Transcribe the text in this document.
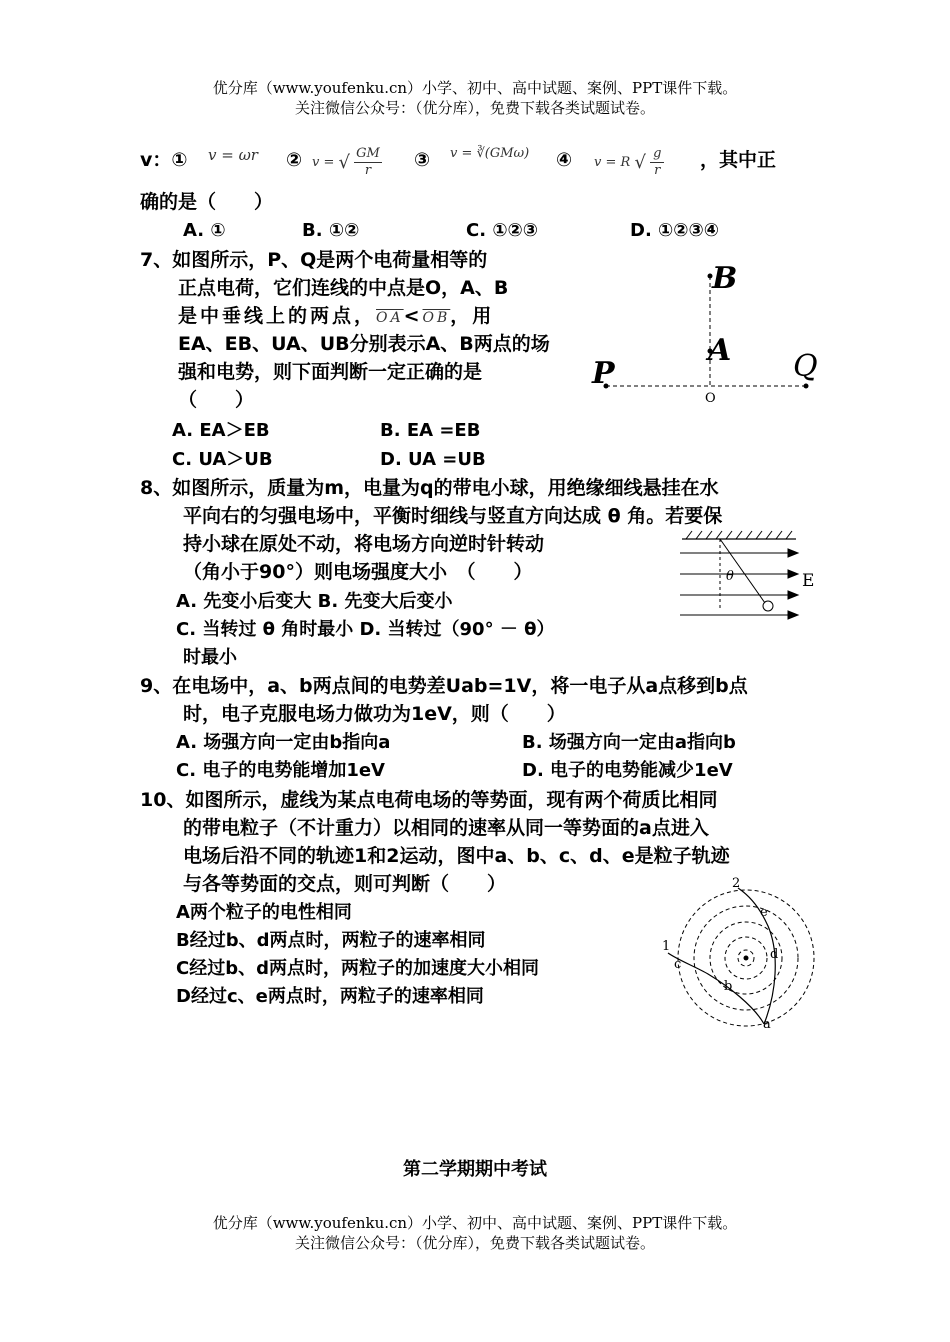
优分库（www.youfenku.cn）小学、初中、高中试题、案例、PPT课件下载。
关注微信公众号：（优分库），免费下载各类试题试卷。
v：① v = ωr ② v = √ $\frac{GM}{r}$ ③ v = ∛(GMω) ④ v = R √ $\frac{g}{r}$ ，其中正
确的是（　　）
A. ①	B. ①②	C. ①②③	D. ①②③④
7、如图所示，P、Q是两个电荷量相等的
正点电荷，它们连线的中点是O，A、B
是中垂线上的两点，$\overline{OA}<\overline{OB}$，用
EA、EB、UA、UB分别表示A、B两点的场
强和电势，则下面判断一定正确的是
（　　）
A. EA＞EB	B. EA =EB
C. UA＞UB	D. UA =UB
B
A
P	Q
O
8、如图所示，质量为m，电量为q的带电小球，用绝缘细线悬挂在水
平向右的匀强电场中，平衡时细线与竖直方向达成 θ 角。若要保
持小球在原处不动，将电场方向逆时针转动
（角小于90°）则电场强度大小　（　　）
A. 先变小后变大 B. 先变大后变小
C. 当转过 θ 角时最小 D. 当转过（90° － θ）
时最小
θ	E
9、在电场中，a、b两点间的电势差Uab=1V，将一电子从a点移到b点
时，电子克服电场力做功为1eV，则（　　）
A. 场强方向一定由b指向a	B. 场强方向一定由a指向b
C. 电子的电势能增加1eV	D. 电子的电势能减少1eV
10、如图所示，虚线为某点电荷电场的等势面，现有两个荷质比相同
的带电粒子（不计重力）以相同的速率从同一等势面的a点进入
电场后沿不同的轨迹1和2运动，图中a、b、c、d、e是粒子轨迹
与各等势面的交点，则可判断（　　）
A两个粒子的电性相同
B经过b、d两点时，两粒子的速率相同
C经过b、d两点时，两粒子的加速度大小相同
D经过c、e两点时，两粒子的速率相同
1
2
a
b
c
d
e
第二学期期中考试
优分库（www.youfenku.cn）小学、初中、高中试题、案例、PPT课件下载。
关注微信公众号：（优分库），免费下载各类试题试卷。
